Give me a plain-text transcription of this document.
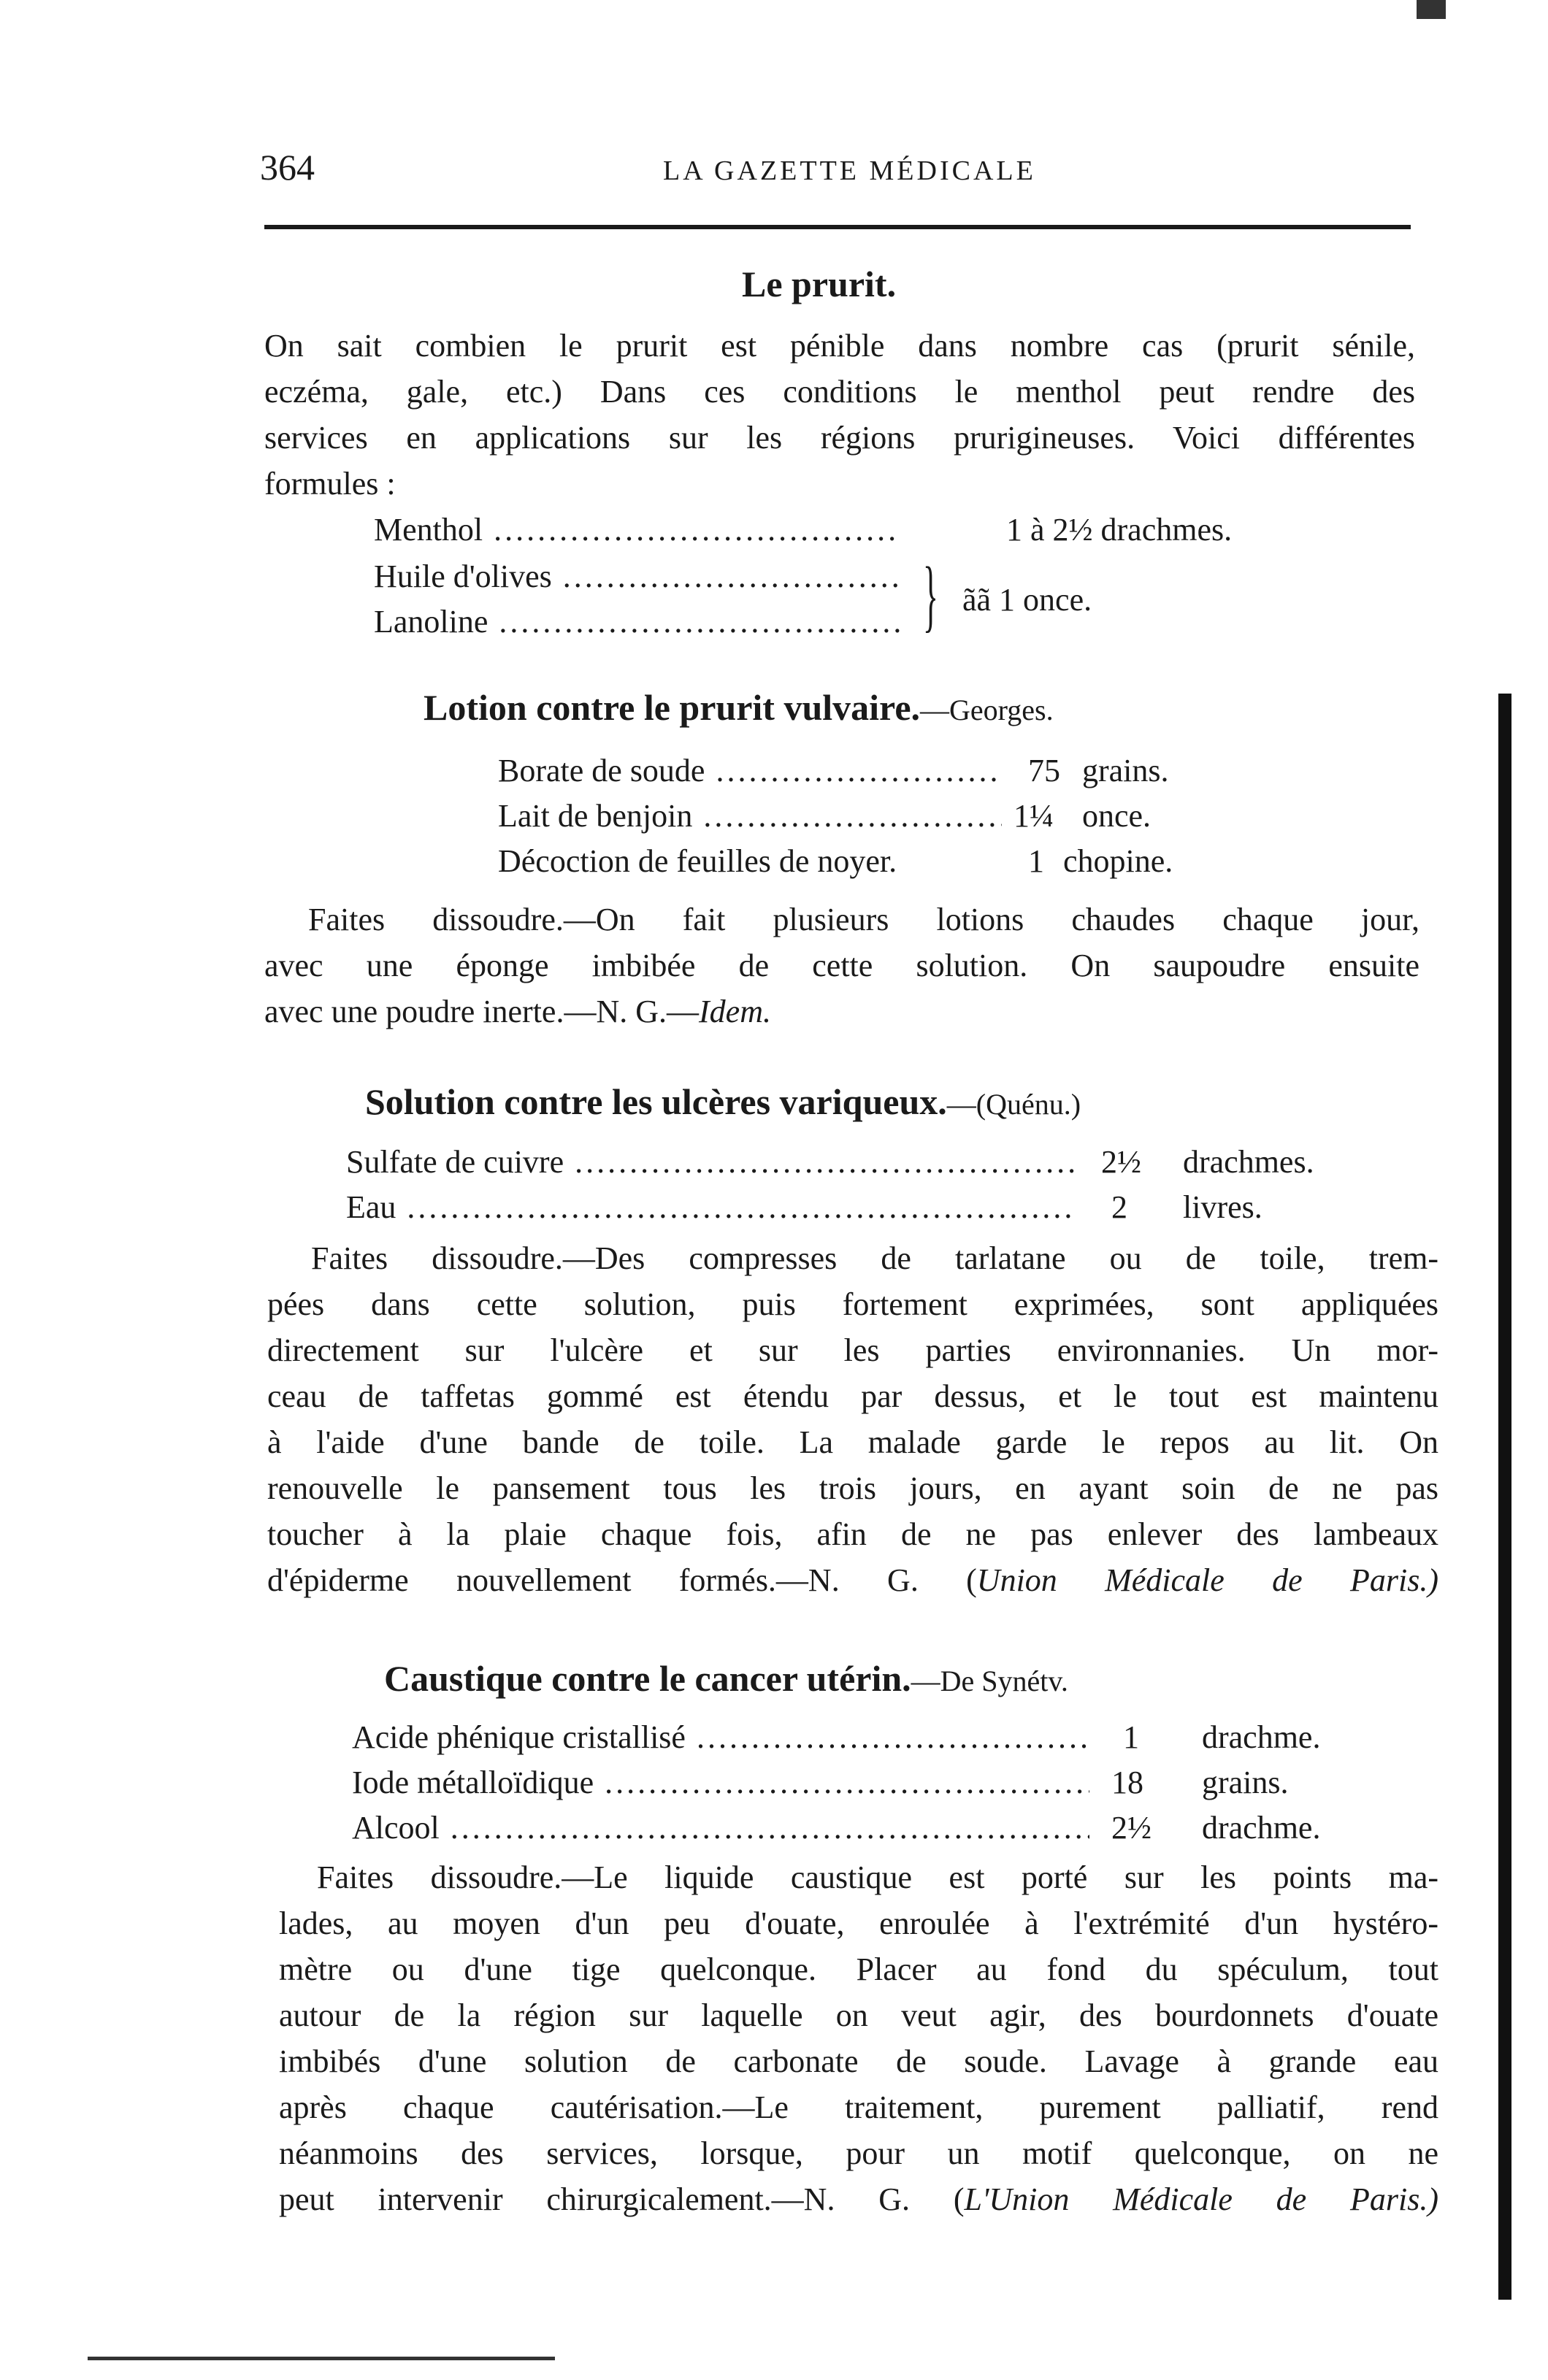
364	LA GAZETTE MÉDICALE
Le prurit.
On sait combien le prurit est pénible dans nombre cas (prurit sénile,
eczéma, gale, etc.) Dans ces conditions le menthol peut rendre des
services en applications sur les régions prurigineuses. Voici différentes
formules :
Menthol .....	1 à 2½ drachmes.
Huile d'olives .....
Lanoline .....	} ãã 1 once.
Lotion contre le prurit vulvaire.—Georges.
Borate de soude .....	75 grains.
Lait de benjoin .....	1¼ once.
Décoction de feuilles de noyer.	1 chopine.
Faites dissoudre.—On fait plusieurs lotions chaudes chaque jour,
avec une éponge imbibée de cette solution. On saupoudre ensuite
avec une poudre inerte.—N. G.—Idem.
Solution contre les ulcères variqueux.—(Quénu.)
Sulfate de cuivre .....	2½ drachmes.
Eau .....	2 livres.
Faites dissoudre.—Des compresses de tarlatane ou de toile, trem-
pées dans cette solution, puis fortement exprimées, sont appliquées
directement sur l'ulcère et sur les parties environnanies. Un mor-
ceau de taffetas gommé est étendu par dessus, et le tout est maintenu
à l'aide d'une bande de toile. La malade garde le repos au lit. On
renouvelle le pansement tous les trois jours, en ayant soin de ne pas
toucher à la plaie chaque fois, afin de ne pas enlever des lambeaux
d'épiderme nouvellement formés.—N. G. (Union Médicale de Paris.)
Caustique contre le cancer utérin.—De Synétv.
Acide phénique cristallisé .....	1 drachme.
Iode métalloïdique .....	18 grains.
Alcool .....	2½ drachme.
Faites dissoudre.—Le liquide caustique est porté sur les points ma-
lades, au moyen d'un peu d'ouate, enroulée à l'extrémité d'un hystéro-
mètre ou d'une tige quelconque. Placer au fond du spéculum, tout
autour de la région sur laquelle on veut agir, des bourdonnets d'ouate
imbibés d'une solution de carbonate de soude. Lavage à grande eau
après chaque cautérisation.—Le traitement, purement palliatif, rend
néanmoins des services, lorsque, pour un motif quelconque, on ne
peut intervenir chirurgicalement.—N. G. (L'Union Médicale de Paris.)
